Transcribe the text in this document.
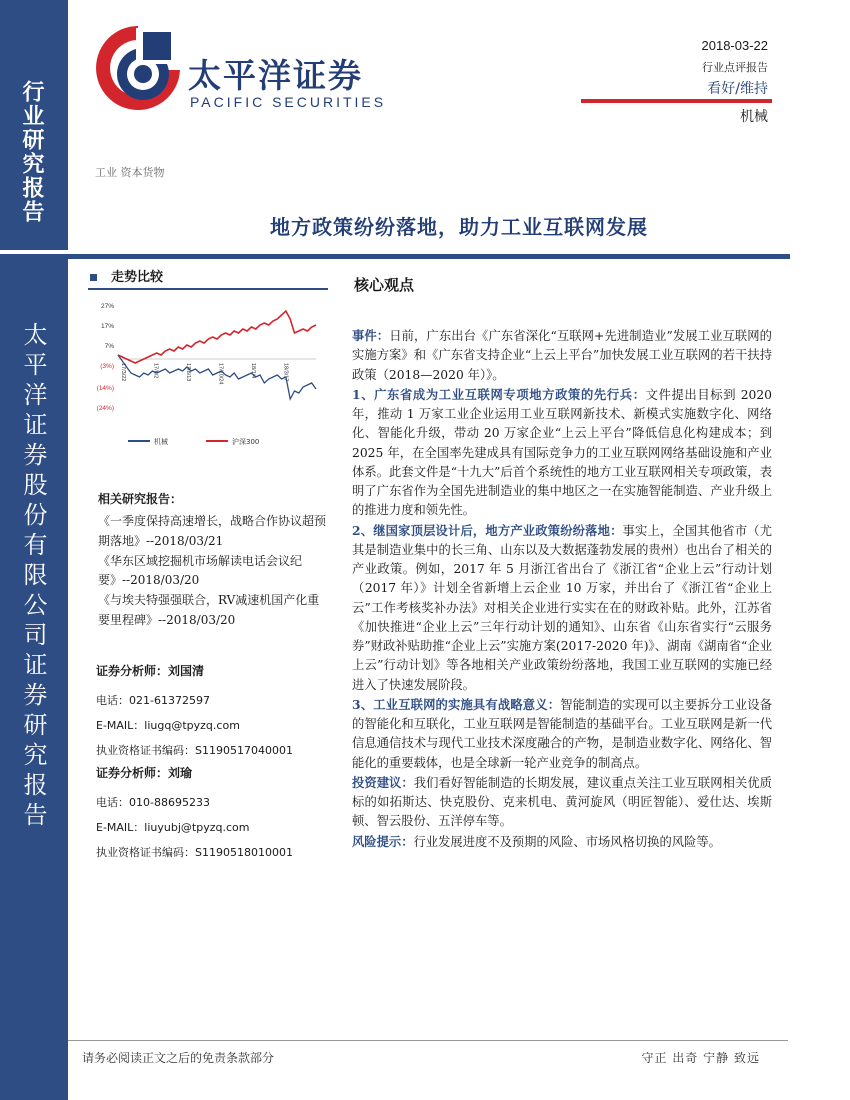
行业研究报告
太平洋证券股份有限公司证券研究报告
太平洋证券
PACIFIC SECURITIES
2018-03-22
行业点评报告
看好/维持
机械
工业 资本货物
地方政策纷纷落地，助力工业互联网发展
走势比较
27%
17%
7%
(3%)
(14%)
(24%)
17/3/22	17/6/2	17/8/13	17/10/24	18/1/4	18/3/17
机械	沪深300
相关研究报告：

《一季度保持高速增长，战略合作协议超预期落地》--2018/03/21

《华东区域挖掘机市场解读电话会议纪要》--2018/03/20

《与埃夫特强强联合，RV减速机国产化重要里程碑》--2018/03/20

证券分析师：刘国清
电话：021-61372597
E-MAIL：liugq@tpyzq.com
执业资格证书编码：S1190517040001
证券分析师：刘瑜
电话：010-88695233
E-MAIL：liuyubj@tpyzq.com
执业资格证书编码：S1190518010001
核心观点

事件：日前，广东出台《广东省深化“互联网+先进制造业”发展工业互联网的实施方案》和《广东省支持企业“上云上平台”加快发展工业互联网的若干扶持政策（2018—2020 年）》。

1、广东省成为工业互联网专项地方政策的先行兵：文件提出目标到 2020 年，推动 1 万家工业企业运用工业互联网新技术、新模式实施数字化、网络化、智能化升级，带动 20 万家企业“上云上平台”降低信息化构建成本；到 2025 年，在全国率先建成具有国际竞争力的工业互联网网络基础设施和产业体系。此套文件是“十九大”后首个系统性的地方工业互联网相关专项政策，表明了广东省作为全国先进制造业的集中地区之一在实施智能制造、产业升级上的推进力度和领先性。

2、继国家顶层设计后，地方产业政策纷纷落地：事实上，全国其他省市（尤其是制造业集中的长三角、山东以及大数据蓬勃发展的贵州）也出台了相关的产业政策。例如，2017 年 5 月浙江省出台了《浙江省“企业上云”行动计划（2017 年）》计划全省新增上云企业 10 万家，并出台了《浙江省“企业上云”工作考核奖补办法》对相关企业进行实实在在的财政补贴。此外，江苏省《加快推进“企业上云”三年行动计划的通知》、山东省《山东省实行“云服务券”财政补贴助推“企业上云”实施方案(2017-2020 年)》、湖南《湖南省“企业上云”行动计划》等各地相关产业政策纷纷落地，我国工业互联网的实施已经进入了快速发展阶段。

3、工业互联网的实施具有战略意义：智能制造的实现可以主要拆分工业设备的智能化和互联化，工业互联网是智能制造的基础平台。工业互联网是新一代信息通信技术与现代工业技术深度融合的产物，是制造业数字化、网络化、智能化的重要载体，也是全球新一轮产业竞争的制高点。

投资建议：我们看好智能制造的长期发展，建议重点关注工业互联网相关优质标的如拓斯达、快克股份、克来机电、黄河旋风（明匠智能）、爱仕达、埃斯顿、智云股份、五洋停车等。

风险提示：行业发展进度不及预期的风险、市场风格切换的风险等。

请务必阅读正文之后的免责条款部分	守正 出奇 宁静 致远
